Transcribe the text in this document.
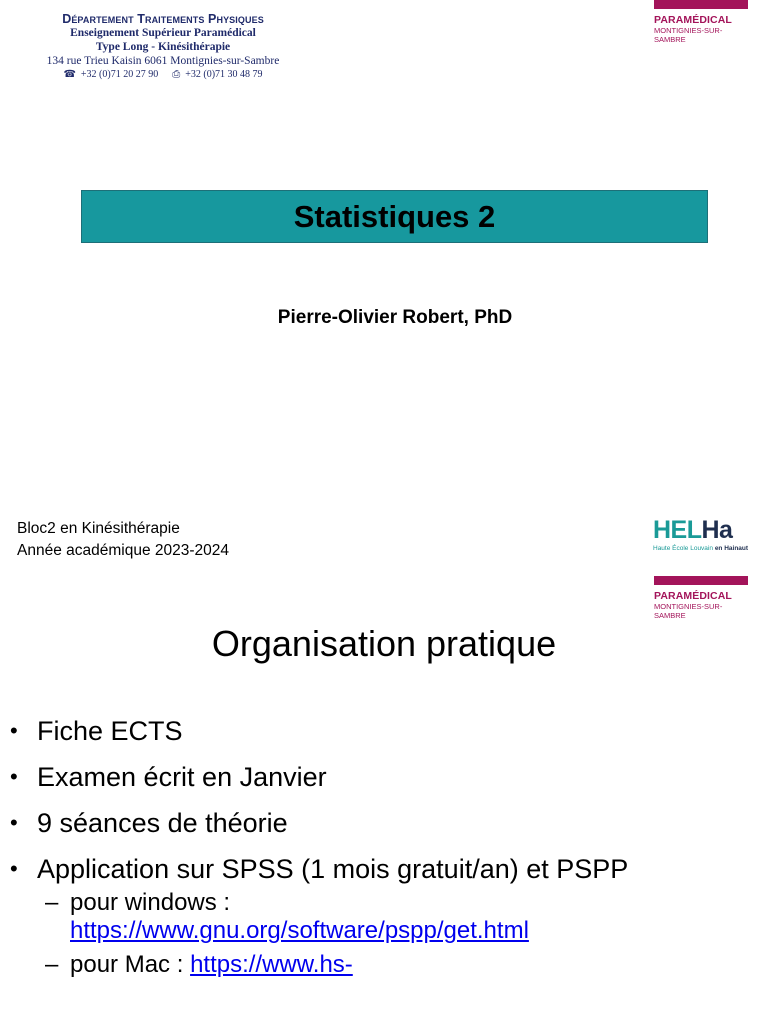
Département Traitements Physiques
Enseignement Supérieur Paramédical
Type Long - Kinésithérapie
134 rue Trieu Kaisin 6061 Montignies-sur-Sambre
☎ +32 (0)71 20 27 90 ⎙ +32 (0)71 30 48 79
PARAMÉDICAL
MONTIGNIES-SUR-SAMBRE
Statistiques 2
Pierre-Olivier Robert, PhD
Bloc2 en Kinésithérapie
Année académique 2023-2024
HELHa
Haute École Louvain en Hainaut
PARAMÉDICAL
MONTIGNIES-SUR-SAMBRE
Organisation pratique
• Fiche ECTS
• Examen écrit en Janvier
• 9 séances de théorie
• Application sur SPSS (1 mois gratuit/an) et PSPP
– pour windows :
https://www.gnu.org/software/pspp/get.html
– pour Mac : https://www.hs-
